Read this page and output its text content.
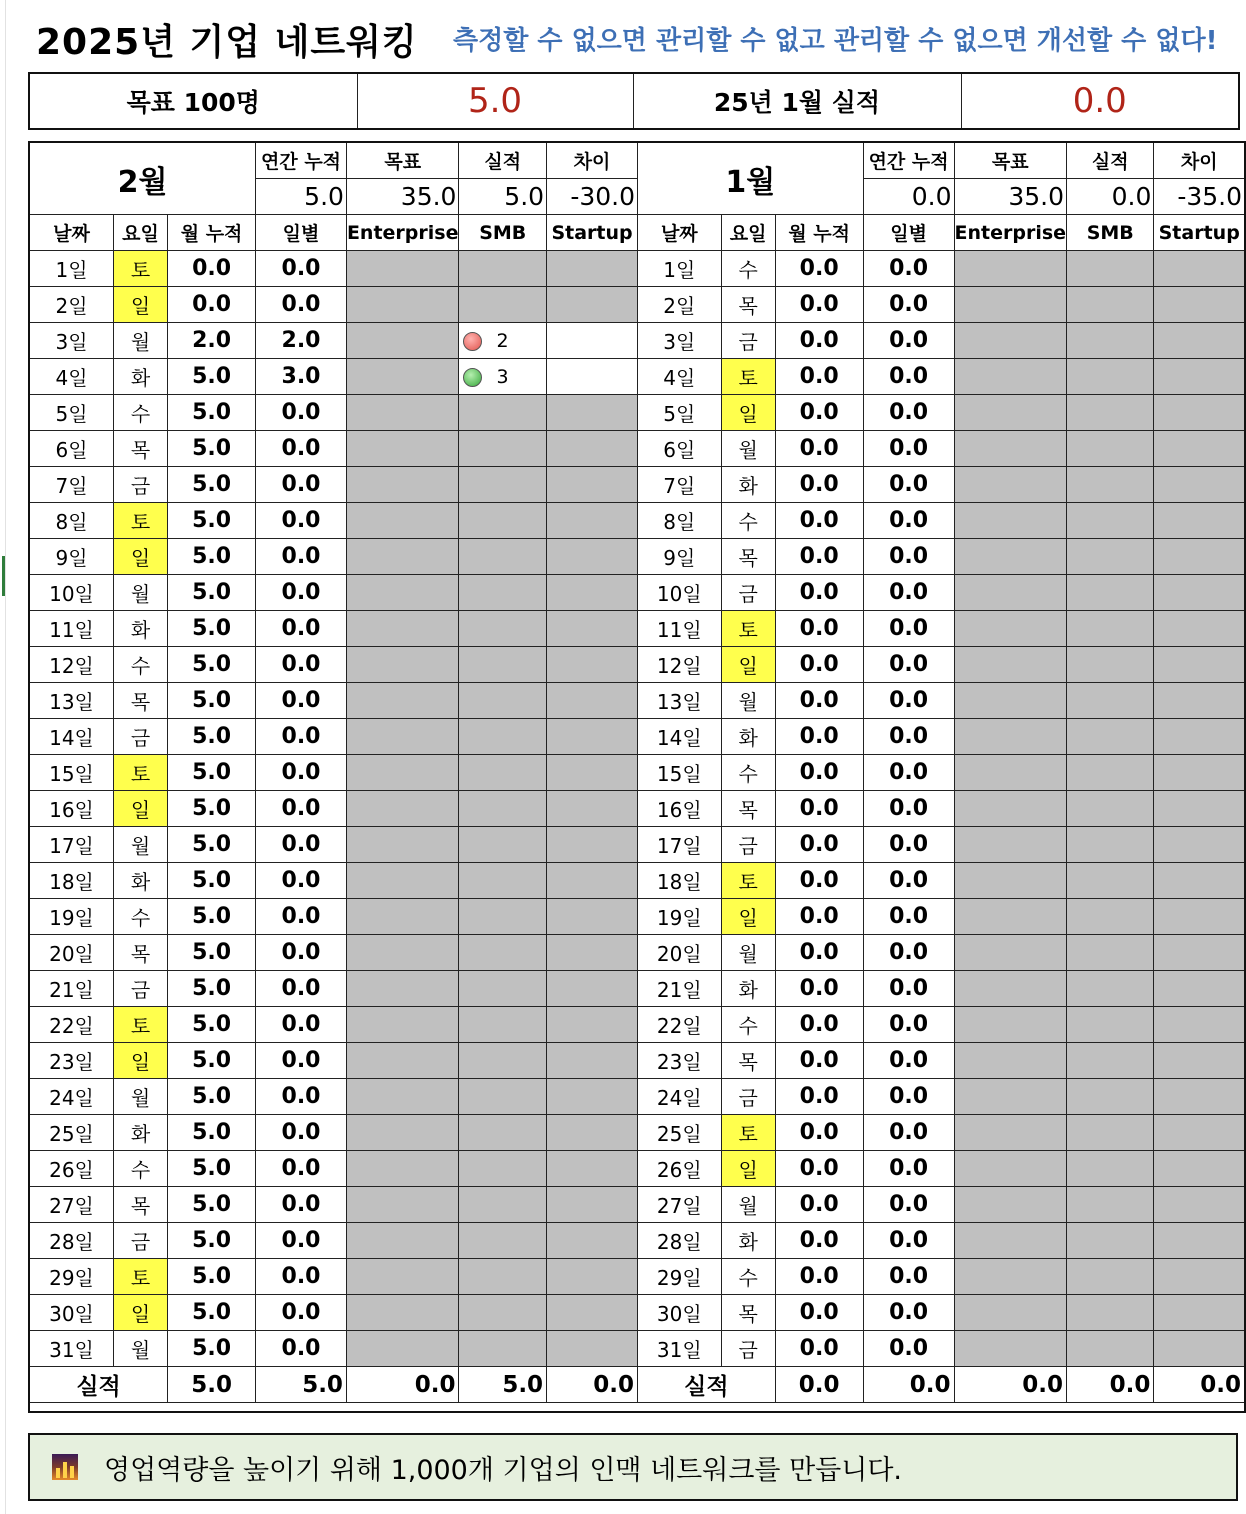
2025년 기업 네트워킹 측정할 수 없으면 관리할 수 없고 관리할 수 없으면 개선할 수 없다!
목표 100명	5.0	25년 1월 실적	0.0
2월			연간 누적	목표	실적	차이	1월			연간 누적	목표	실적	차이
			5.0	35.0	5.0	-30.0				0.0	35.0	0.0	-35.0
날짜	요일	월 누적	일별	Enterprise	SMB	Startup	날짜	요일	월 누적	일별	Enterprise	SMB	Startup
1일	토	0.0	0.0				1일	수	0.0	0.0			
2일	일	0.0	0.0				2일	목	0.0	0.0			
3일	월	2.0	2.0		2		3일	금	0.0	0.0			
4일	화	5.0	3.0		3		4일	토	0.0	0.0			
5일	수	5.0	0.0				5일	일	0.0	0.0			
6일	목	5.0	0.0				6일	월	0.0	0.0			
7일	금	5.0	0.0				7일	화	0.0	0.0			
8일	토	5.0	0.0				8일	수	0.0	0.0			
9일	일	5.0	0.0				9일	목	0.0	0.0			
10일	월	5.0	0.0				10일	금	0.0	0.0			
11일	화	5.0	0.0				11일	토	0.0	0.0			
12일	수	5.0	0.0				12일	일	0.0	0.0			
13일	목	5.0	0.0				13일	월	0.0	0.0			
14일	금	5.0	0.0				14일	화	0.0	0.0			
15일	토	5.0	0.0				15일	수	0.0	0.0			
16일	일	5.0	0.0				16일	목	0.0	0.0			
17일	월	5.0	0.0				17일	금	0.0	0.0			
18일	화	5.0	0.0				18일	토	0.0	0.0			
19일	수	5.0	0.0				19일	일	0.0	0.0			
20일	목	5.0	0.0				20일	월	0.0	0.0			
21일	금	5.0	0.0				21일	화	0.0	0.0			
22일	토	5.0	0.0				22일	수	0.0	0.0			
23일	일	5.0	0.0				23일	목	0.0	0.0			
24일	월	5.0	0.0				24일	금	0.0	0.0			
25일	화	5.0	0.0				25일	토	0.0	0.0			
26일	수	5.0	0.0				26일	일	0.0	0.0			
27일	목	5.0	0.0				27일	월	0.0	0.0			
28일	금	5.0	0.0				28일	화	0.0	0.0			
29일	토	5.0	0.0				29일	수	0.0	0.0			
30일	일	5.0	0.0				30일	목	0.0	0.0			
31일	월	5.0	0.0				31일	금	0.0	0.0			
실적		5.0	5.0	0.0	5.0	0.0	실적		0.0	0.0	0.0	0.0	0.0

영업역량을 높이기 위해 1,000개 기업의 인맥 네트워크를 만듭니다.
